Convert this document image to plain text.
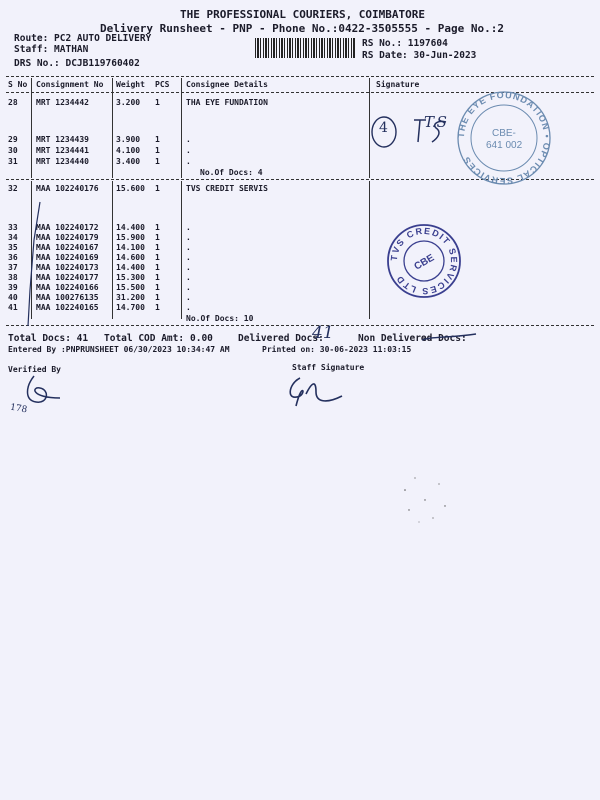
THE PROFESSIONAL COURIERS, COIMBATORE
Delivery Runsheet - PNP - Phone No.:0422-3505555 - Page No.:2
Route: PC2 AUTO DELIVERY
Staff: MATHAN
DRS No.: DCJB119760402
RS No.: 1197604
RS Date: 30-Jun-2023
S No Consignment No Weight PCS Consignee Details	Signature
28 MRT 1234442	3.200 1	THA EYE FUNDATION
29 MRT 1234439	3.900 1	.
30 MRT 1234441	4.100 1	.
31 MRT 1234440	3.400 1	.
No.Of Docs: 4
32 MAA 102240176 15.600 1	TVS CREDIT SERVIS
33 MAA 102240172 14.400 1	.
34 MAA 102240179 15.900 1	.
35 MAA 102240167 14.100 1	.
36 MAA 102240169 14.600 1	.
37 MAA 102240173 14.400 1	.
38 MAA 102240177 15.300 1	.
39 MAA 102240166 15.500 1	.
40 MAA 100276135 31.200 1	.
41 MAA 102240165 14.700 1	.
No.Of Docs: 10
Total Docs: 41 Total COD Amt: 0.00	Delivered Docs:	Non Delivered Docs:
Entered By :PNPRUNSHEET 06/30/2023 10:34:47 AM	Printed on: 30-06-2023 11:03:15
Verified By	Staff Signature
41
4 T.S
THE EYE FOUNDATION • OPTICAL SERVICES
CBE-
641 002
TVS CREDIT SERVICES LTD
CBE
178
